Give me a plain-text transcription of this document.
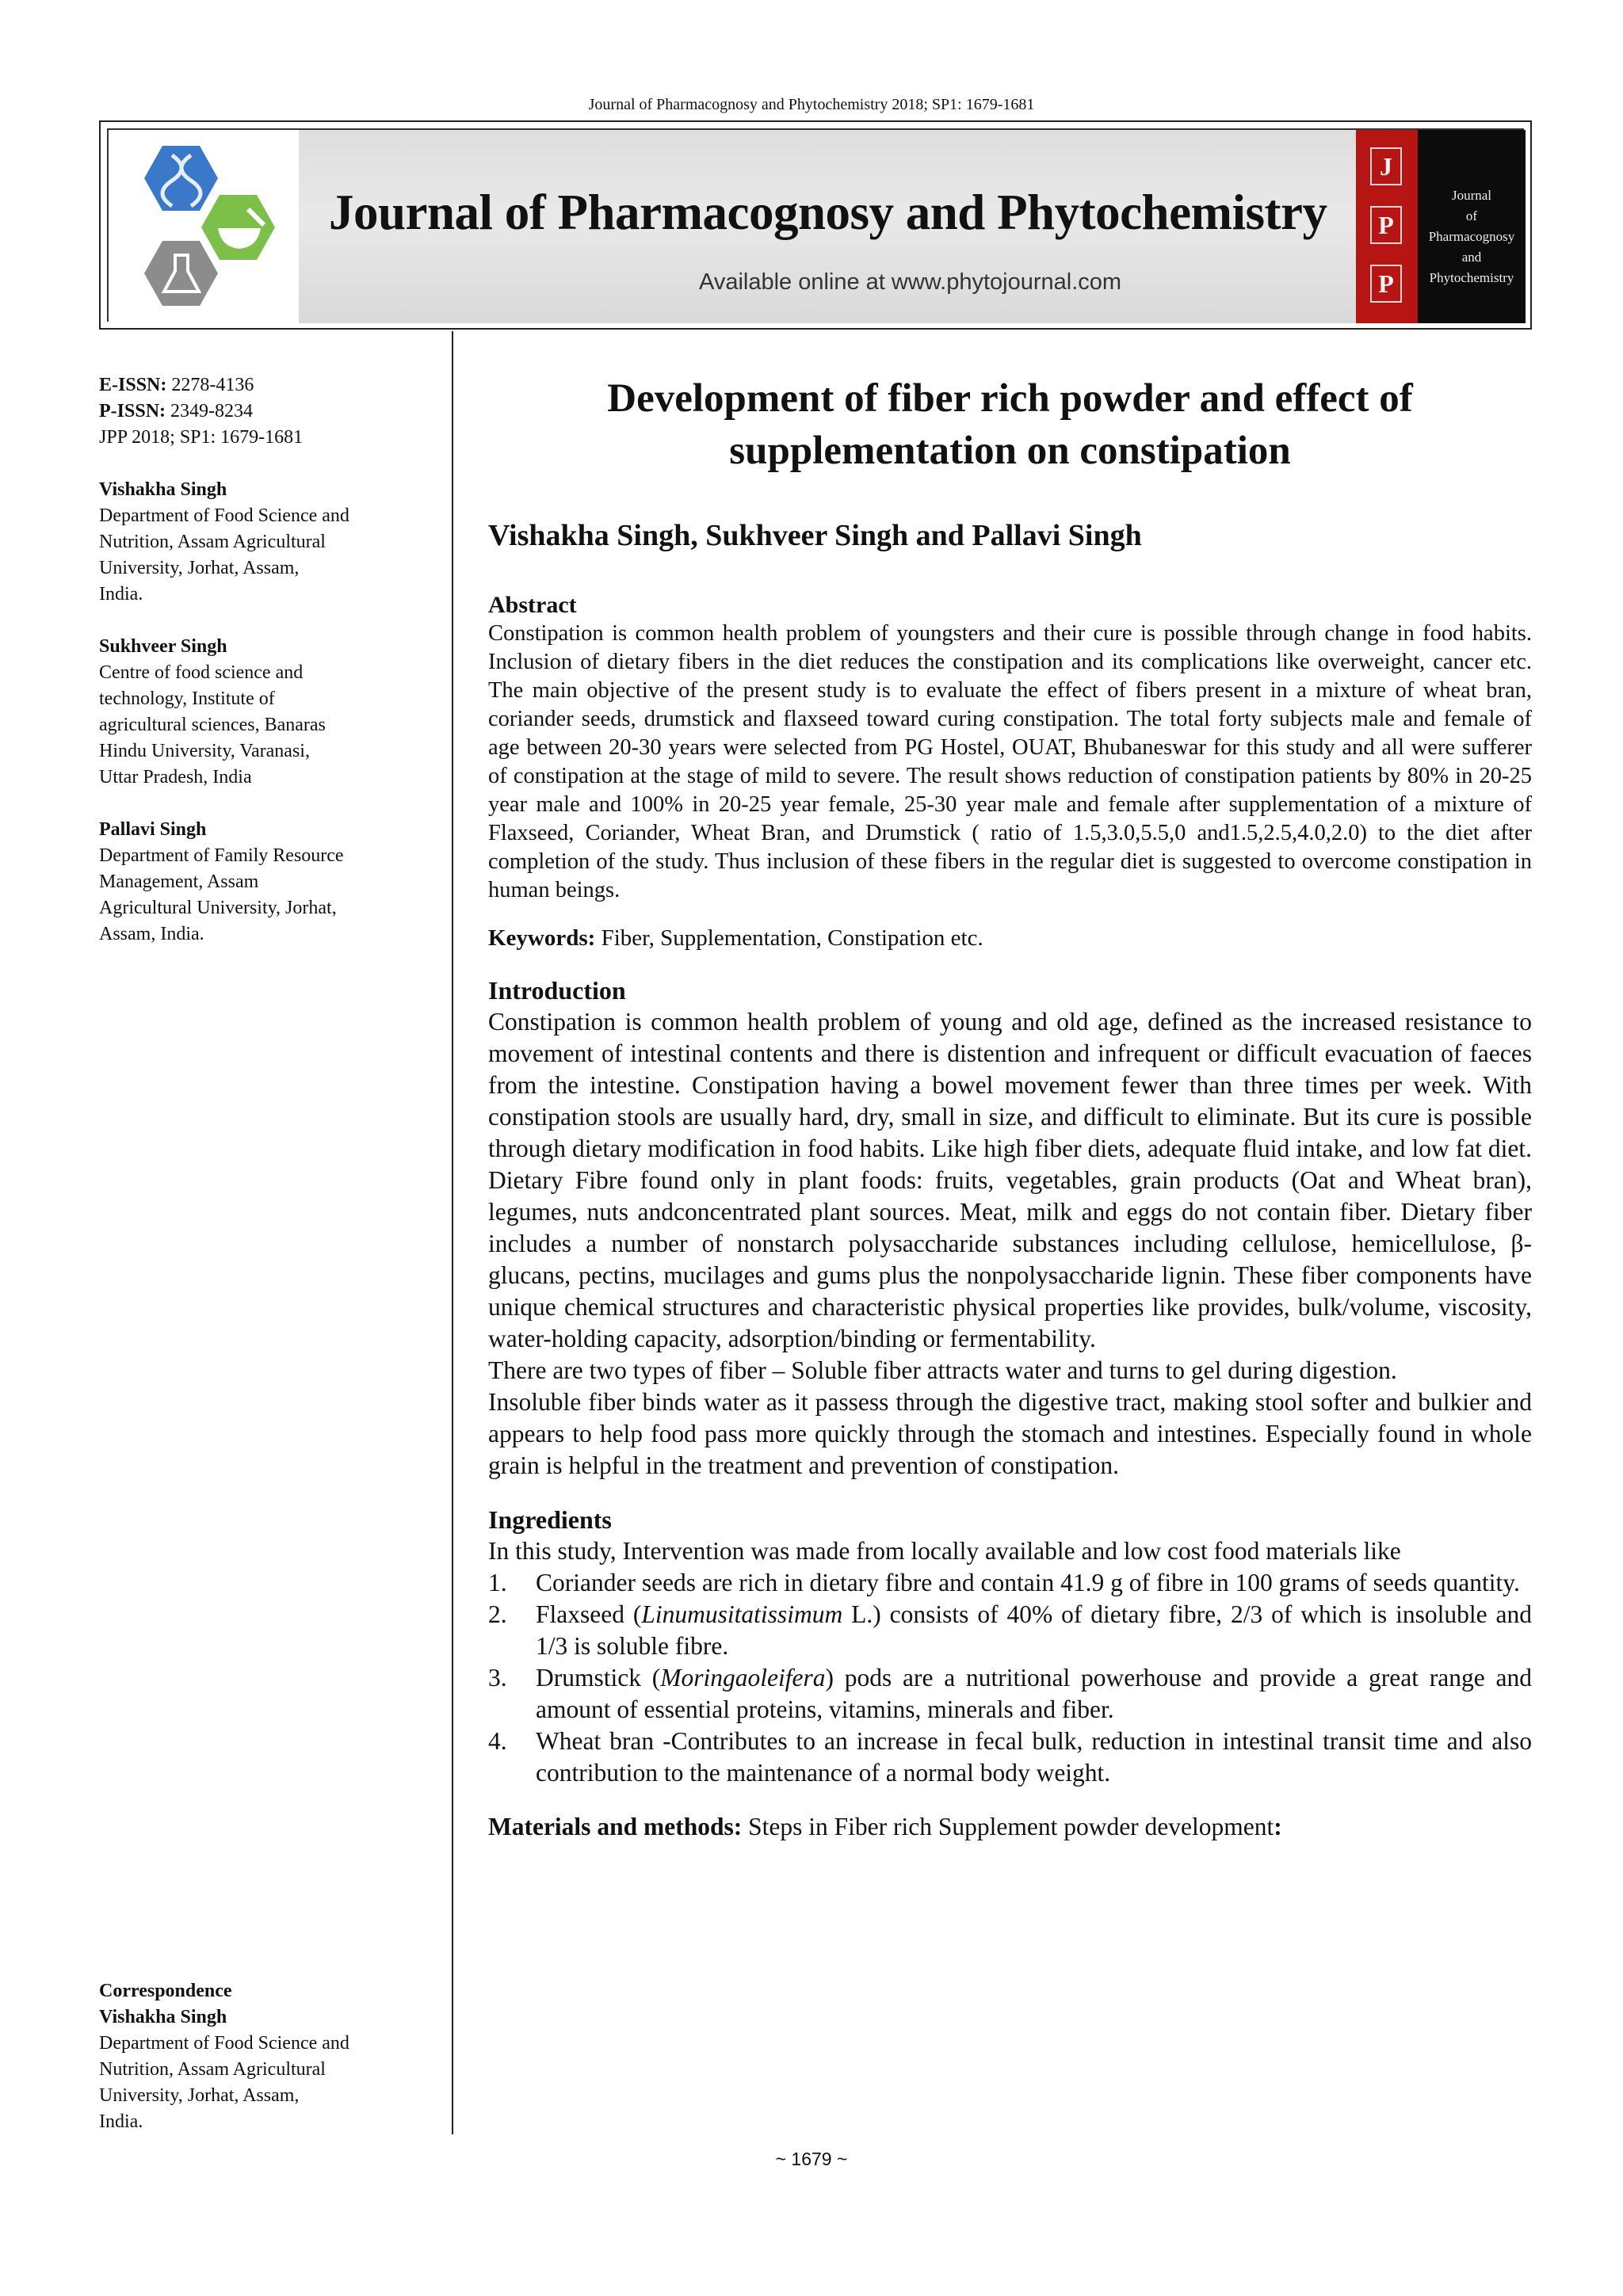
Journal of Pharmacognosy and Phytochemistry 2018; SP1: 1679-1681
Journal of Pharmacognosy and Phytochemistry
Available online at www.phytojournal.com
J
P
P
Journal
of
Pharmacognosy
and
Phytochemistry
E-ISSN: 2278-4136
P-ISSN: 2349-8234
JPP 2018; SP1: 1679-1681
Vishakha Singh
Department of Food Science and
Nutrition, Assam Agricultural
University, Jorhat, Assam,
India.
Sukhveer Singh
Centre of food science and
technology, Institute of
agricultural sciences, Banaras
Hindu University, Varanasi,
Uttar Pradesh, India
Pallavi Singh
Department of Family Resource
Management, Assam
Agricultural University, Jorhat,
Assam, India.
Correspondence
Vishakha Singh
Department of Food Science and
Nutrition, Assam Agricultural
University, Jorhat, Assam,
India.
Development of fiber rich powder and effect of
supplementation on constipation
Vishakha Singh, Sukhveer Singh and Pallavi Singh
Abstract
Constipation is common health problem of youngsters and their cure is possible through change in food habits. Inclusion of dietary fibers in the diet reduces the constipation and its complications like overweight, cancer etc. The main objective of the present study is to evaluate the effect of fibers present in a mixture of wheat bran, coriander seeds, drumstick and flaxseed toward curing constipation. The total forty subjects male and female of age between 20-30 years were selected from PG Hostel, OUAT, Bhubaneswar for this study and all were sufferer of constipation at the stage of mild to severe. The result shows reduction of constipation patients by 80% in 20-25 year male and 100% in 20-25 year female, 25-30 year male and female after supplementation of a mixture of Flaxseed, Coriander, Wheat Bran, and Drumstick ( ratio of 1.5,3.0,5.5,0 and1.5,2.5,4.0,2.0) to the diet after completion of the study. Thus inclusion of these fibers in the regular diet is suggested to overcome constipation in human beings.
Keywords: Fiber, Supplementation, Constipation etc.
Introduction
Constipation is common health problem of young and old age, defined as the increased resistance to movement of intestinal contents and there is distention and infrequent or difficult evacuation of faeces from the intestine. Constipation having a bowel movement fewer than three times per week. With constipation stools are usually hard, dry, small in size, and difficult to eliminate. But its cure is possible through dietary modification in food habits. Like high fiber diets, adequate fluid intake, and low fat diet. Dietary Fibre found only in plant foods: fruits, vegetables, grain products (Oat and Wheat bran), legumes, nuts andconcentrated plant sources. Meat, milk and eggs do not contain fiber. Dietary fiber includes a number of nonstarch polysaccharide substances including cellulose, hemicellulose, β-glucans, pectins, mucilages and gums plus the nonpolysaccharide lignin. These fiber components have unique chemical structures and characteristic physical properties like provides, bulk/volume, viscosity, water-holding capacity, adsorption/binding or fermentability.
There are two types of fiber – Soluble fiber attracts water and turns to gel during digestion.
Insoluble fiber binds water as it passess through the digestive tract, making stool softer and bulkier and appears to help food pass more quickly through the stomach and intestines. Especially found in whole grain is helpful in the treatment and prevention of constipation.
Ingredients
In this study, Intervention was made from locally available and low cost food materials like
1. Coriander seeds are rich in dietary fibre and contain 41.9 g of fibre in 100 grams of seeds quantity.
2. Flaxseed (Linumusitatissimum L.) consists of 40% of dietary fibre, 2/3 of which is insoluble and 1/3 is soluble fibre.
3. Drumstick (Moringaoleifera) pods are a nutritional powerhouse and provide a great range and amount of essential proteins, vitamins, minerals and fiber.
4. Wheat bran -Contributes to an increase in fecal bulk, reduction in intestinal transit time and also contribution to the maintenance of a normal body weight.
Materials and methods: Steps in Fiber rich Supplement powder development:
~ 1679 ~
